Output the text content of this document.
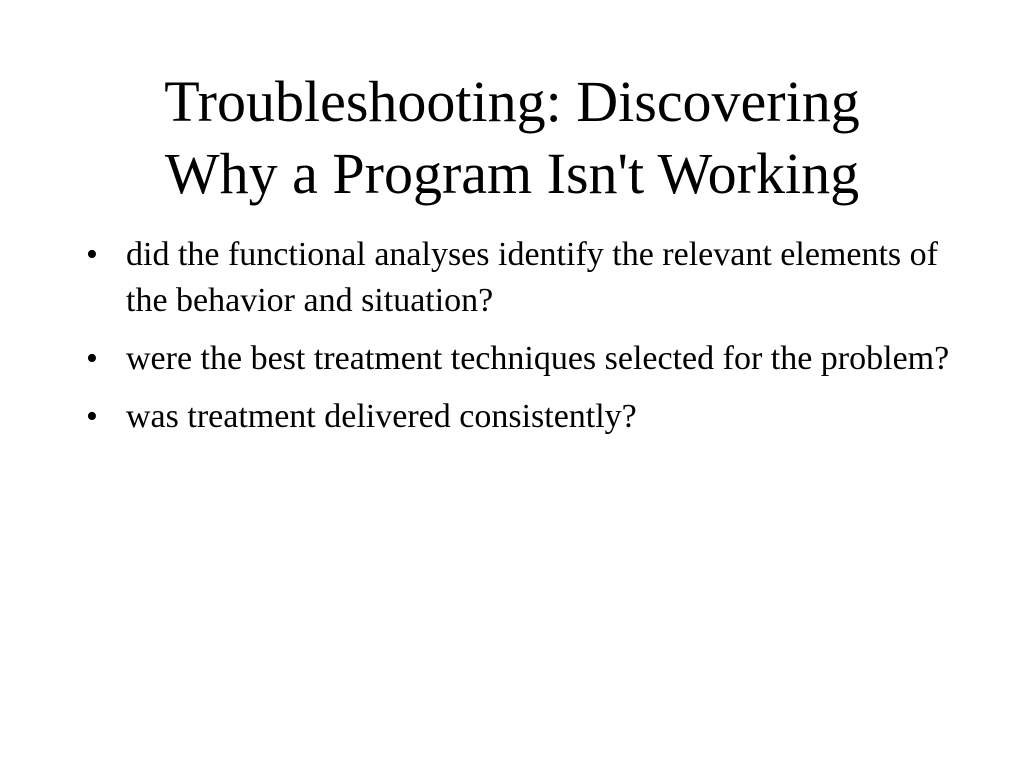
Troubleshooting: Discovering
Why a Program Isn't Working
• did the functional analyses identify the relevant elements of the behavior and situation?
• were the best treatment techniques selected for the problem?
• was treatment delivered consistently?
